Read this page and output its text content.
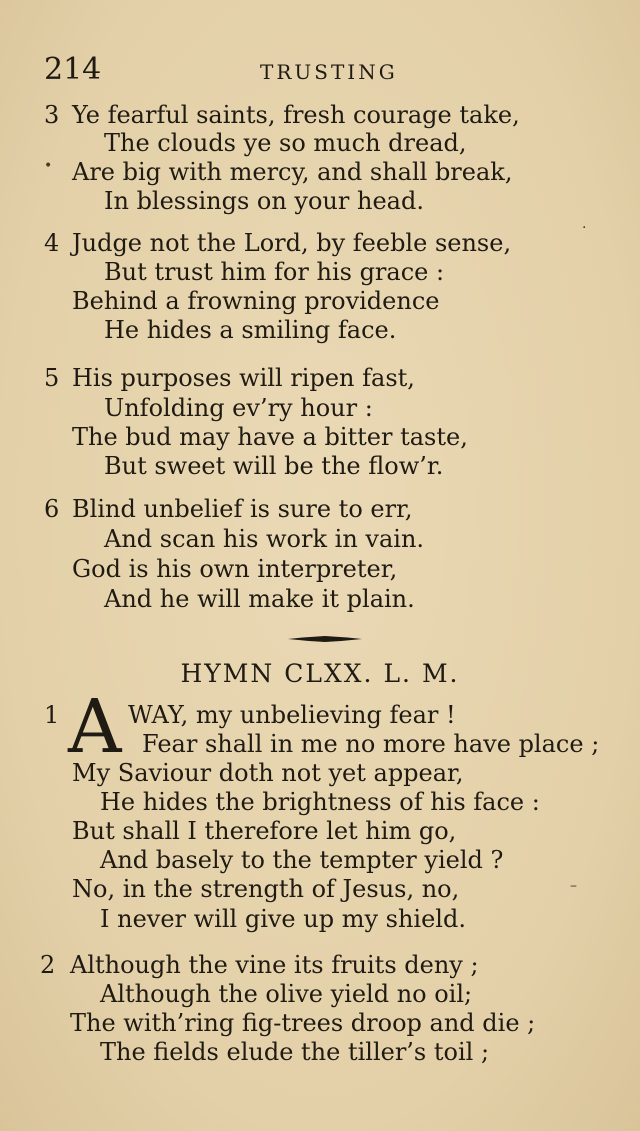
214	TRUSTING
3 Ye fearful saints, fresh courage take,
The clouds ye so much dread,
Are big with mercy, and shall break,
In blessings on your head.
4 Judge not the Lord, by feeble sense,
But trust him for his grace :
Behind a frowning providence
He hides a smiling face.
5 His purposes will ripen fast,
Unfolding ev’ry hour :
The bud may have a bitter taste,
But sweet will be the flow’r.
6 Blind unbelief is sure to err,
And scan his work in vain.
God is his own interpreter,
And he will make it plain.
HYMN CLXX. L. M.
1 A WAY, my unbelieving fear !
Fear shall in me no more have place ;
My Saviour doth not yet appear,
He hides the brightness of his face :
But shall I therefore let him go,
And basely to the tempter yield ?
No, in the strength of Jesus, no,
I never will give up my shield.
2 Although the vine its fruits deny ;
Although the olive yield no oil;
The with’ring fig-trees droop and die ;
The fields elude the tiller’s toil ;
•
·
–
